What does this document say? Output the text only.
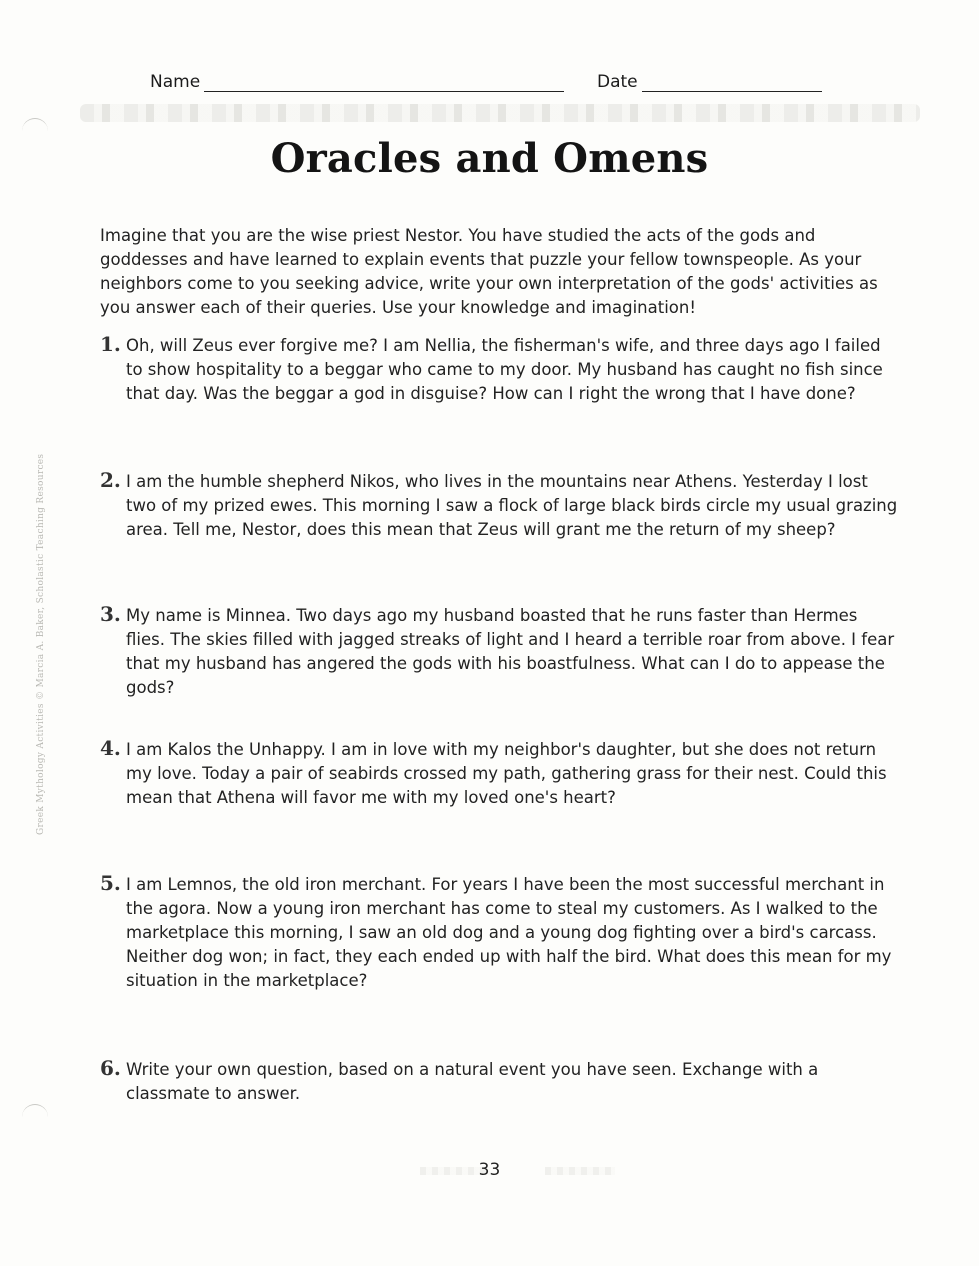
Name	Date
Oracles and Omens
Imagine that you are the wise priest Nestor. You have studied the acts of the gods and goddesses and have learned to explain events that puzzle your fellow townspeople. As your neighbors come to you seeking advice, write your own interpretation of the gods' activities as you answer each of their queries. Use your knowledge and imagination!
1. Oh, will Zeus ever forgive me? I am Nellia, the fisherman's wife, and three days ago I failed to show hospitality to a beggar who came to my door. My husband has caught no fish since that day. Was the beggar a god in disguise? How can I right the wrong that I have done?
2. I am the humble shepherd Nikos, who lives in the mountains near Athens. Yesterday I lost two of my prized ewes. This morning I saw a flock of large black birds circle my usual grazing area. Tell me, Nestor, does this mean that Zeus will grant me the return of my sheep?
3. My name is Minnea. Two days ago my husband boasted that he runs faster than Hermes flies. The skies filled with jagged streaks of light and I heard a terrible roar from above. I fear that my husband has angered the gods with his boastfulness. What can I do to appease the gods?
4. I am Kalos the Unhappy. I am in love with my neighbor's daughter, but she does not return my love. Today a pair of seabirds crossed my path, gathering grass for their nest. Could this mean that Athena will favor me with my loved one's heart?
5. I am Lemnos, the old iron merchant. For years I have been the most successful merchant in the agora. Now a young iron merchant has come to steal my customers. As I walked to the marketplace this morning, I saw an old dog and a young dog fighting over a bird's carcass. Neither dog won; in fact, they each ended up with half the bird. What does this mean for my situation in the marketplace?
6. Write your own question, based on a natural event you have seen. Exchange with a classmate to answer.
Greek Mythology Activities © Marcia A. Baker, Scholastic Teaching Resources
33
